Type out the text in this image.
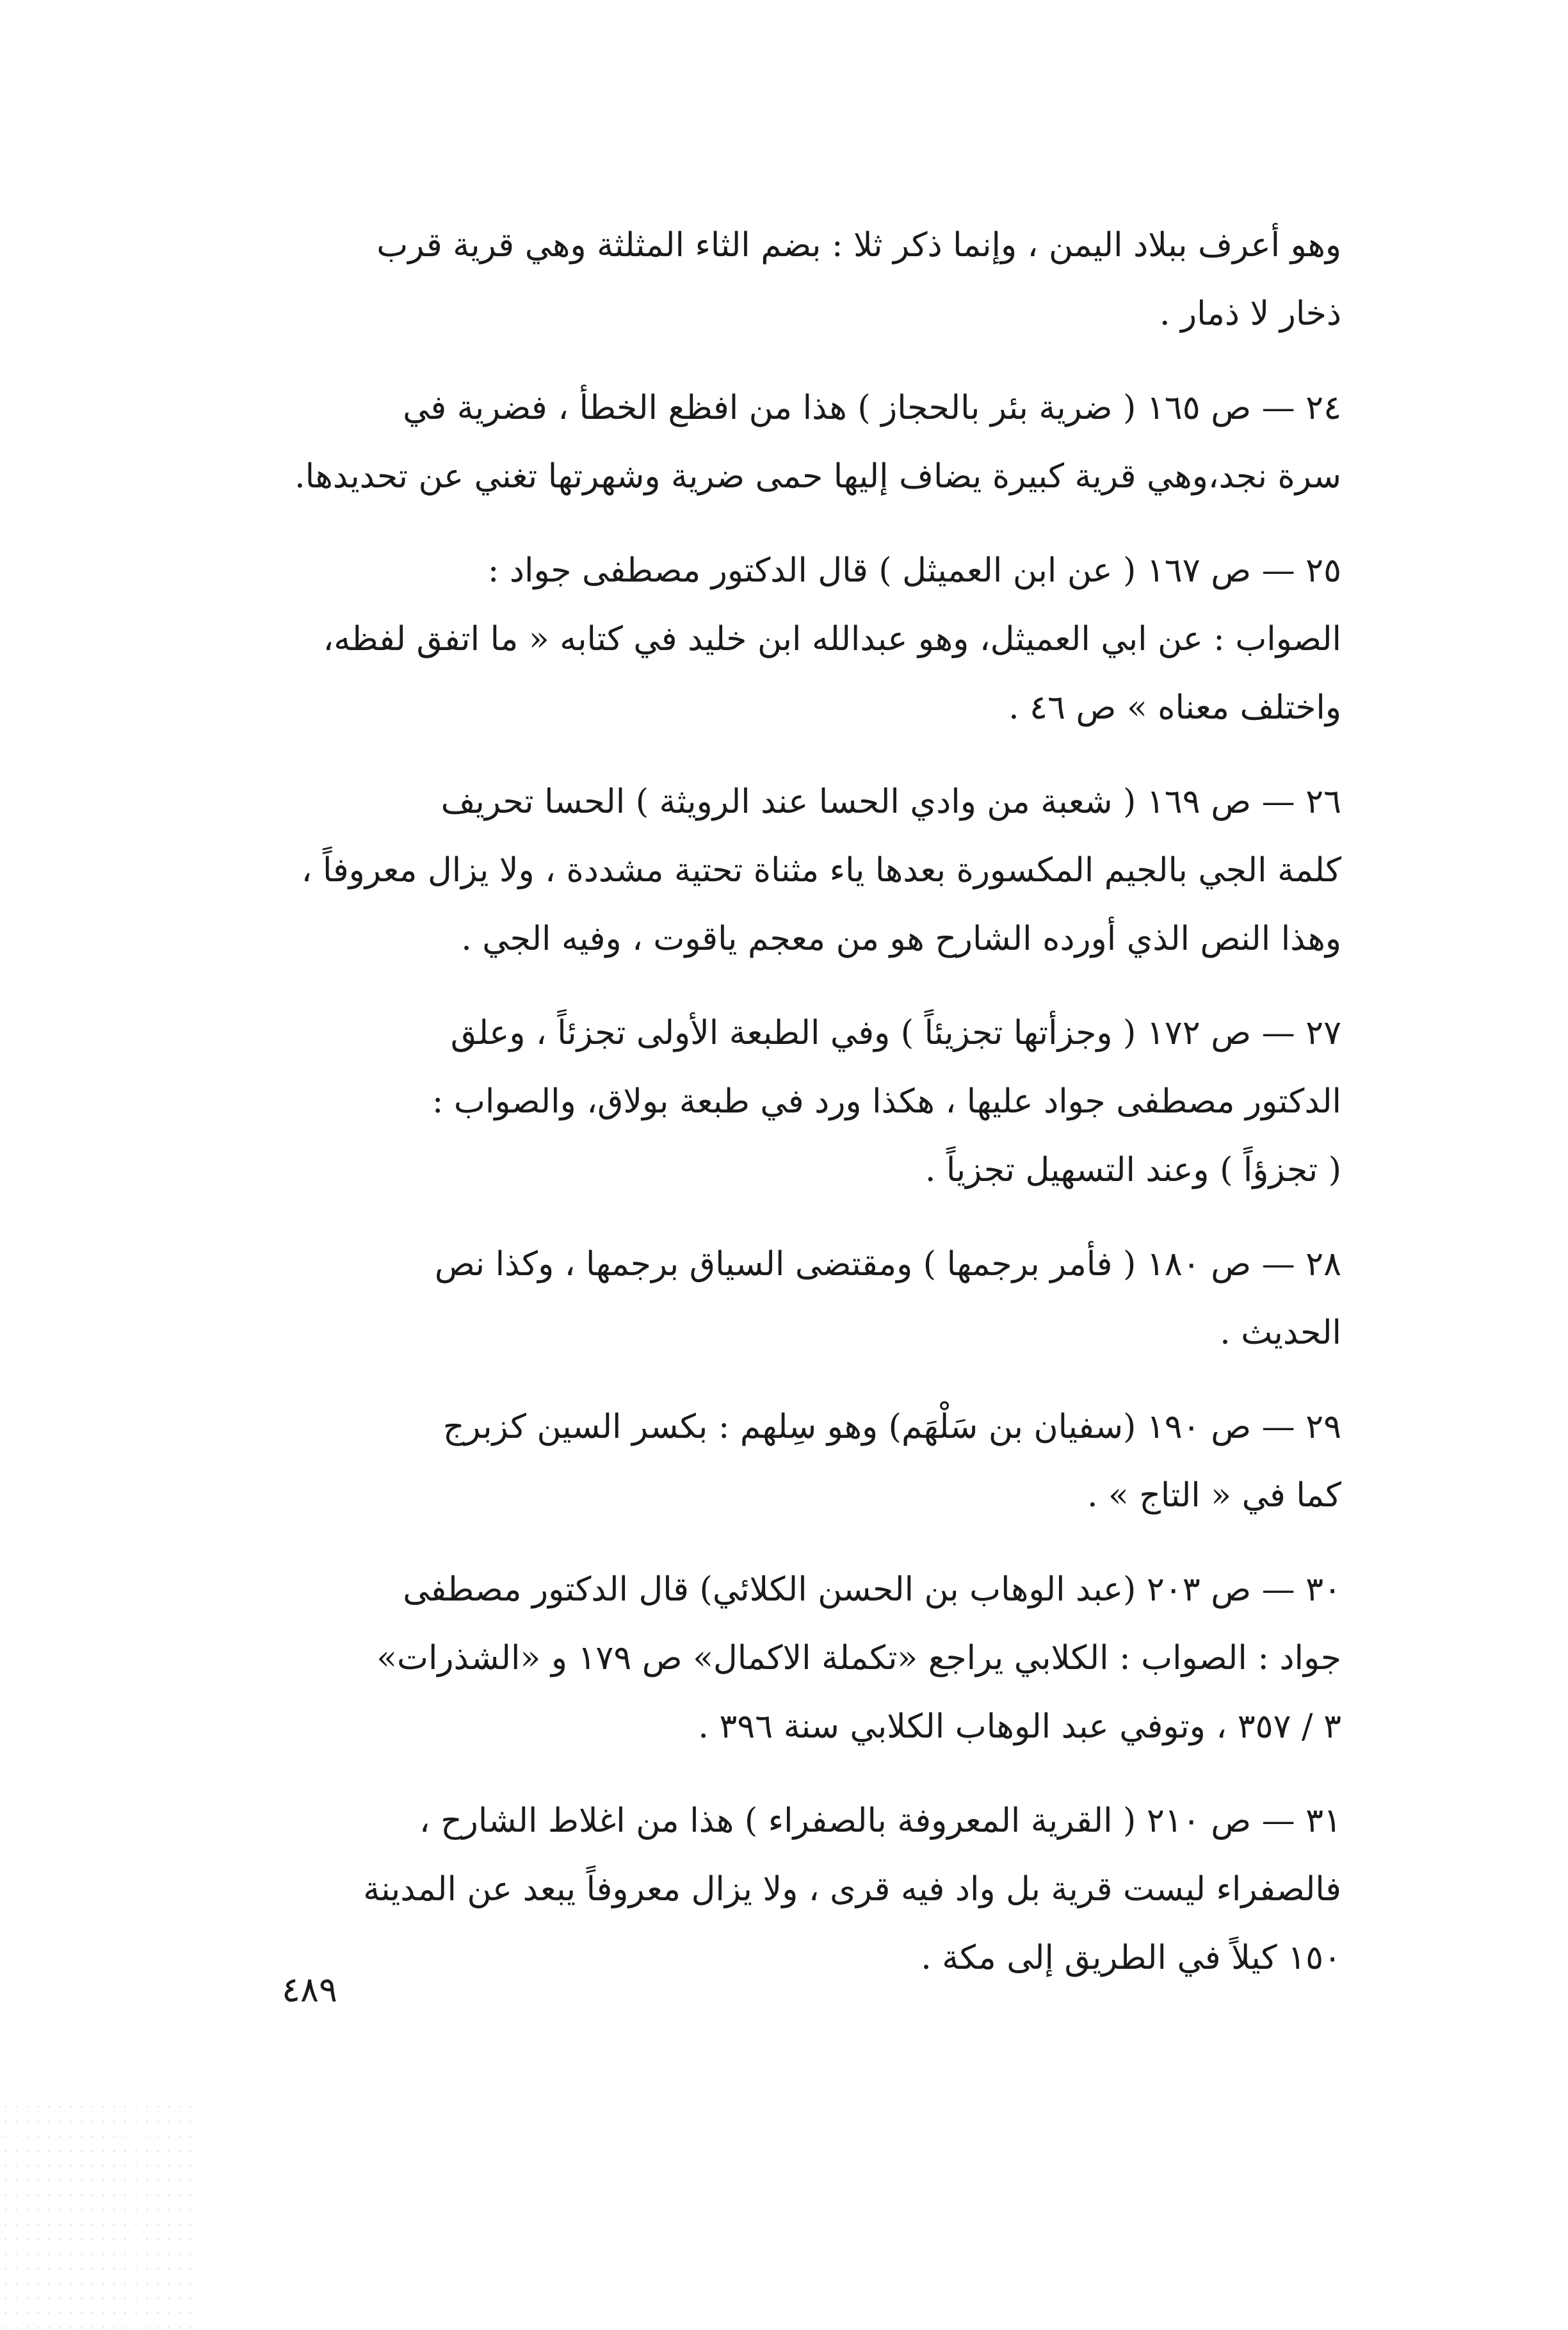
وهو أعرف ببلاد اليمن ، وإنما ذكر ثلا : بضم الثاء المثلثة وهي قرية قرب

ذخار لا ذمار .

٢٤ — ص ١٦٥ ( ضرية بئر بالحجاز ) هذا من افظع الخطأ ، فضرية في

سرة نجد،وهي قرية كبيرة يضاف إليها حمى ضرية وشهرتها تغني عن تحديدها.

٢٥ — ص ١٦٧ ( عن ابن العميثل ) قال الدكتور مصطفى جواد :

الصواب : عن ابي العميثل، وهو عبدالله ابن خليد في كتابه « ما اتفق لفظه،

واختلف معناه » ص ٤٦ .

٢٦ — ص ١٦٩ ( شعبة من وادي الحسا عند الرويثة ) الحسا تحريف

كلمة الجي بالجيم المكسورة بعدها ياء مثناة تحتية مشددة ، ولا يزال معروفاً ،

وهذا النص الذي أورده الشارح هو من معجم ياقوت ، وفيه الجي .

٢٧ — ص ١٧٢ ( وجزأتها تجزيئاً ) وفي الطبعة الأولى تجزئاً ، وعلق

الدكتور مصطفى جواد عليها ، هكذا ورد في طبعة بولاق، والصواب :

( تجزؤاً ) وعند التسهيل تجزياً .

٢٨ — ص ١٨٠ ( فأمر برجمها ) ومقتضى السياق برجمها ، وكذا نص

الحديث .

٢٩ — ص ١٩٠ (سفيان بن سَلْهَم) وهو سِلهم : بكسر السين كزبرج

كما في « التاج » .

٣٠ — ص ٢٠٣ (عبد الوهاب بن الحسن الكلائي) قال الدكتور مصطفى

جواد : الصواب : الكلابي يراجع «تكملة الاكمال» ص ١٧٩ و «الشذرات»

٣ / ٣٥٧ ، وتوفي عبد الوهاب الكلابي سنة ٣٩٦ .

٣١ — ص ٢١٠ ( القرية المعروفة بالصفراء ) هذا من اغلاط الشارح ،

فالصفراء ليست قرية بل واد فيه قرى ، ولا يزال معروفاً يبعد عن المدينة

١٥٠ كيلاً في الطريق إلى مكة .

٤٨٩
